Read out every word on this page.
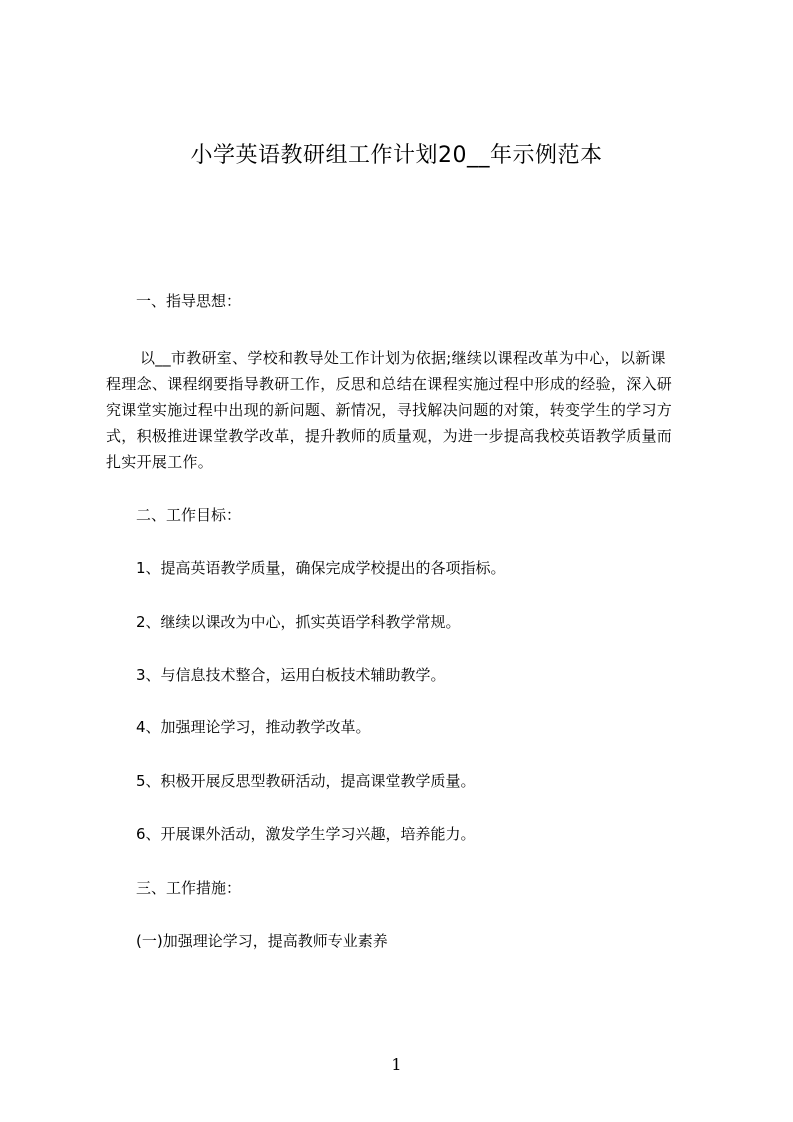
小学英语教研组工作计划20__年示例范本
一、指导思想：
以__市教研室、学校和教导处工作计划为依据;继续以课程改革为中心，以新课
程理念、课程纲要指导教研工作，反思和总结在课程实施过程中形成的经验，深入研
究课堂实施过程中出现的新问题、新情况，寻找解决问题的对策，转变学生的学习方
式，积极推进课堂教学改革，提升教师的质量观，为进一步提高我校英语教学质量而
扎实开展工作。
二、工作目标：
1、提高英语教学质量，确保完成学校提出的各项指标。
2、继续以课改为中心，抓实英语学科教学常规。
3、与信息技术整合，运用白板技术辅助教学。
4、加强理论学习，推动教学改革。
5、积极开展反思型教研活动，提高课堂教学质量。
6、开展课外活动，激发学生学习兴趣，培养能力。
三、工作措施：
(一)加强理论学习，提高教师专业素养
1
